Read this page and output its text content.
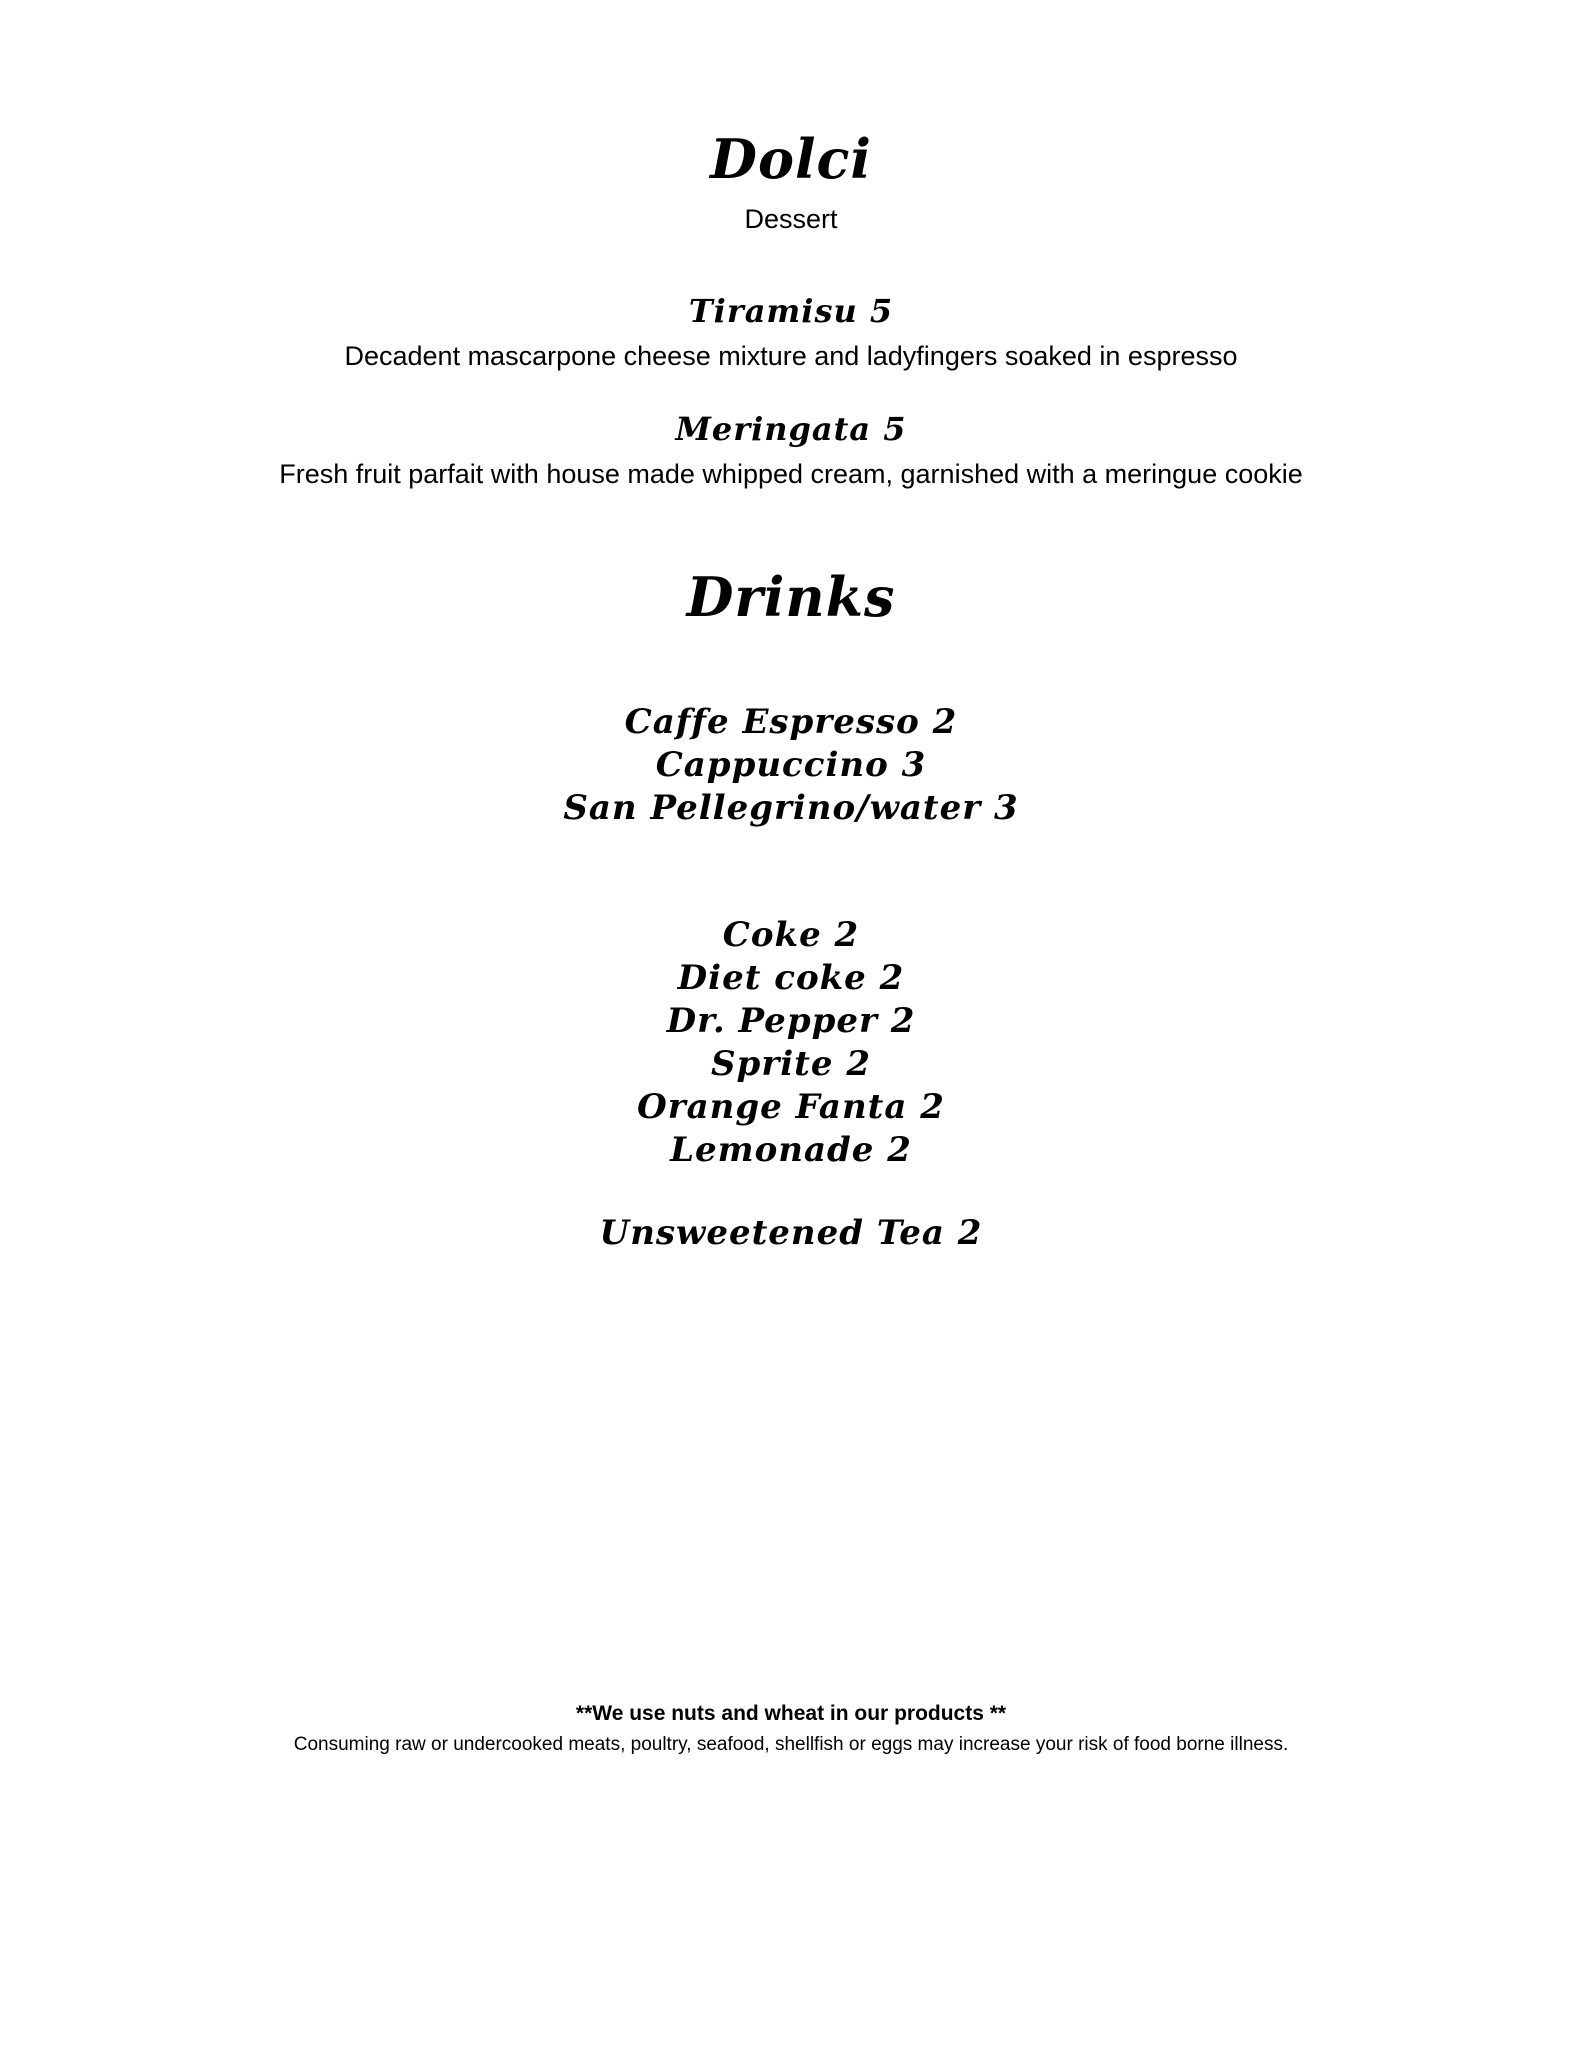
Dolci
Dessert
Tiramisu 5
Decadent mascarpone cheese mixture and ladyfingers soaked in espresso
Meringata 5
Fresh fruit parfait with house made whipped cream, garnished with a meringue cookie
Drinks
Caffe Espresso 2
Cappuccino 3
San Pellegrino/water 3
Coke 2
Diet coke 2
Dr. Pepper 2
Sprite 2
Orange Fanta 2
Lemonade 2
Unsweetened Tea 2
**We use nuts and wheat in our products **
Consuming raw or undercooked meats, poultry, seafood, shellfish or eggs may increase your risk of food borne illness.
